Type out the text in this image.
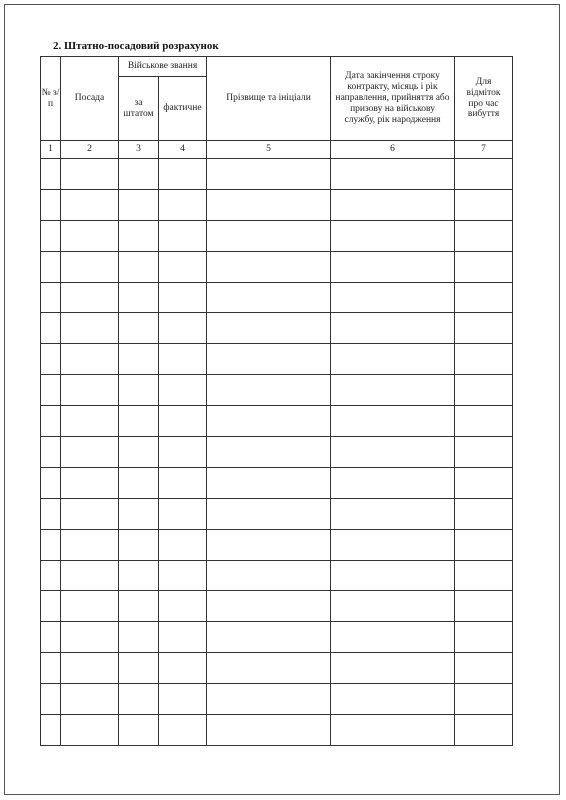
2. Штатно-посадовий розрахунок
№ з/п	Посада	Військове звання		Прізвище та ініціали	Дата закінчення строку контракту, місяць і рік направлення, прийняття або призову на військову службу, рік народження	Для відміток про час вибуття
		за штатом	фактичне			
1	2	3	4	5	6	7
